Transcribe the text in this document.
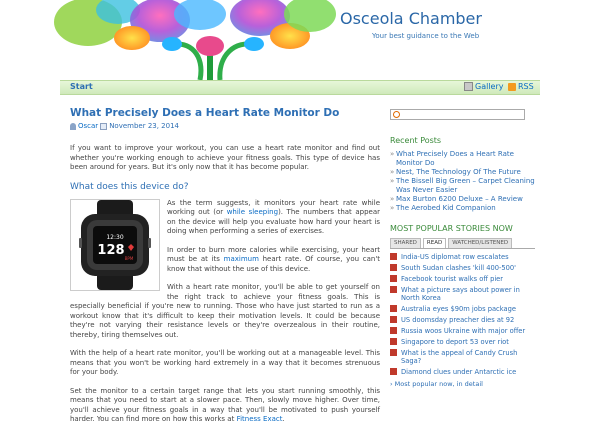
Osceola Chamber
Your best guidance to the Web
Start	Gallery RSS
What Precisely Does a Heart Rate Monitor Do
Oscar November 23, 2014

If you want to improve your workout, you can use a heart rate monitor and find out whether you're working enough to achieve your fitness goals. This type of device has been around for years. But it's only now that it has become popular.

What does this device do?
12:30
128
BPM

As the term suggests, it monitors your heart rate while working out (or while sleeping). The numbers that appear on the device will help you evaluate how hard your heart is doing when performing a series of exercises.

In order to burn more calories while exercising, your heart must be at its maximum heart rate. Of course, you can't know that without the use of this device.

With a heart rate monitor, you'll be able to get yourself on the right track to achieve your fitness goals. This is especially beneficial if you're new to running. Those who have just started to run as a workout know that it's difficult to keep their motivation levels. It could be because they're not varying their resistance levels or they're overzealous in their routine, thereby, tiring themselves out.

With the help of a heart rate monitor, you'll be working out at a manageable level. This means that you won't be working hard extremely in a way that it becomes strenuous for your body.

Set the monitor to a certain target range that lets you start running smoothly, this means that you need to start at a slower pace. Then, slowly move higher. Over time, you'll achieve your fitness goals in a way that you'll be motivated to push yourself harder. You can find more on how this works at Fitness Exact.

Recent Posts
» What Precisely Does a Heart Rate Monitor Do
» Nest, The Technology Of The Future
» The Bissell Big Green – Carpet Cleaning Was Never Easier
» Max Burton 6200 Deluxe – A Review
» The Aerobed Kid Companion
MOST POPULAR STORIES NOW
SHARED	READ	WATCHED/LISTENED
India-US diplomat row escalates
South Sudan clashes 'kill 400-500'
Facebook tourist walks off pier
What a picture says about power in North Korea
Australia eyes $90m jobs package
US doomsday preacher dies at 92
Russia woos Ukraine with major offer
Singapore to deport 53 over riot
What is the appeal of Candy Crush Saga?
Diamond clues under Antarctic ice
› Most popular now, in detail
